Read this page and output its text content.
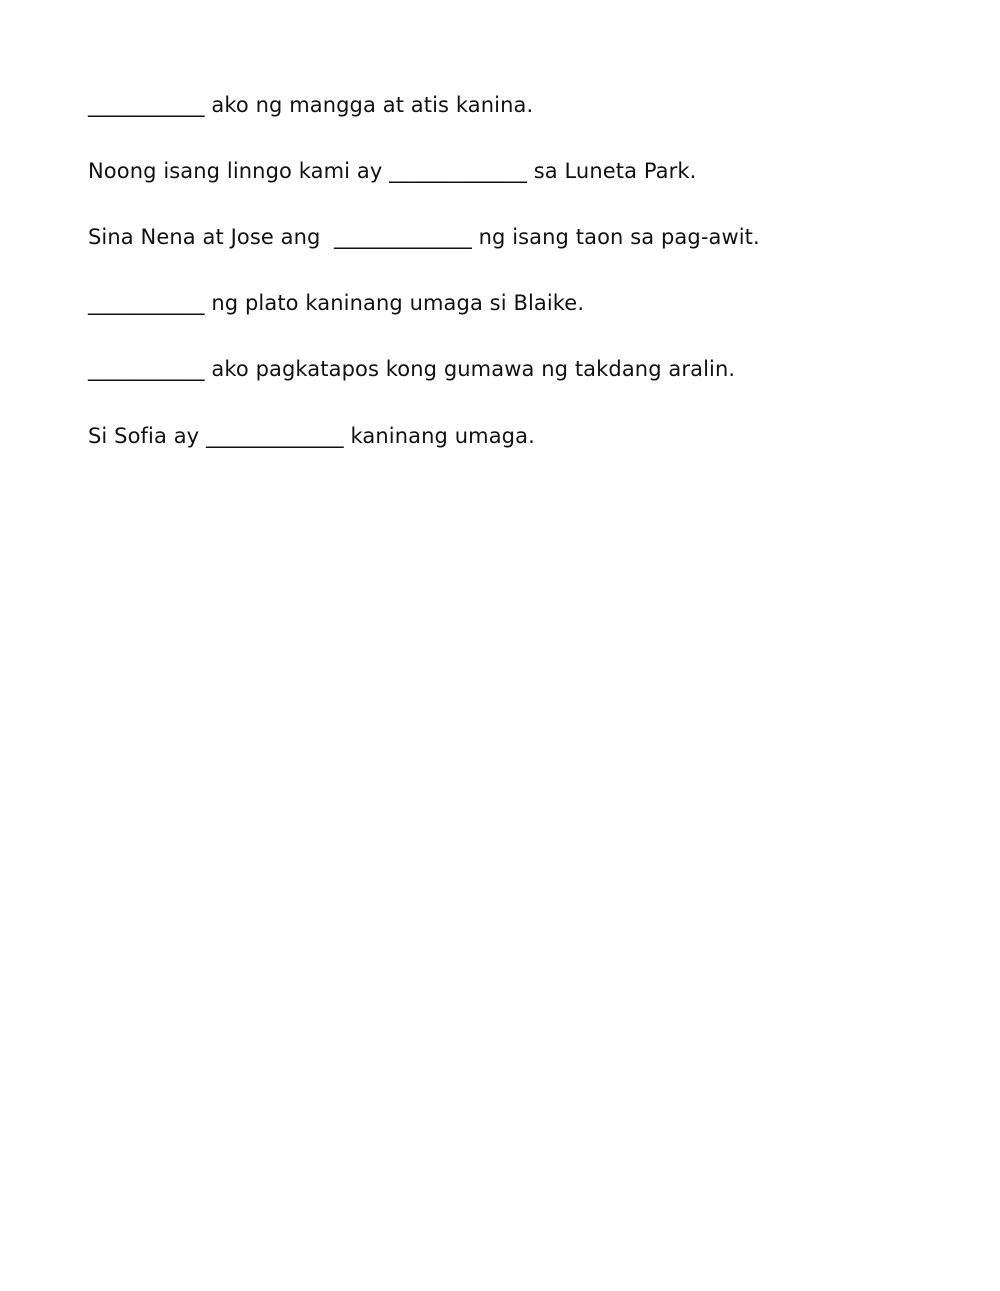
___________ ako ng mangga at atis kanina.
Noong isang linngo kami ay _____________ sa Luneta Park.
Sina Nena at Jose ang  _____________ ng isang taon sa pag-awit.
___________ ng plato kaninang umaga si Blaike.
___________ ako pagkatapos kong gumawa ng takdang aralin.
Si Sofia ay _____________ kaninang umaga.
